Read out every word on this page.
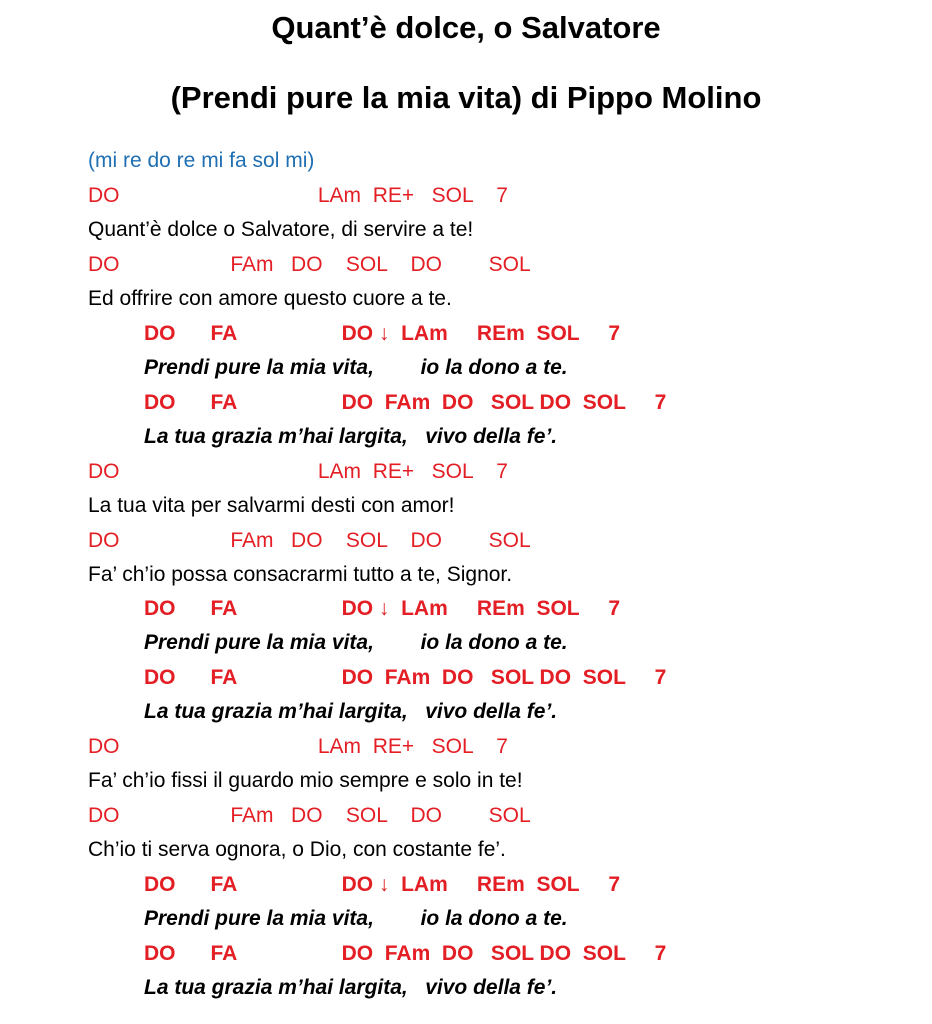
Quant’è dolce, o Salvatore
(Prendi pure la mia vita) di Pippo Molino
(mi re do re mi fa sol mi)
DO                                  LAm  RE+   SOL    7
Quant’è dolce o Salvatore, di servire a te!
DO                   FAm   DO    SOL    DO        SOL
Ed offrire con amore questo cuore a te.
DO      FA                  DO ↓  LAm     REm  SOL     7
Prendi pure la mia vita,        io la dono a te.
DO      FA                  DO  FAm  DO   SOL DO  SOL     7
La tua grazia m’hai largita,   vivo della fe’.
DO                                  LAm  RE+   SOL    7
La tua vita per salvarmi desti con amor!
DO                   FAm   DO    SOL    DO        SOL
Fa’ ch’io possa consacrarmi tutto a te, Signor.
DO      FA                  DO ↓  LAm     REm  SOL     7
Prendi pure la mia vita,        io la dono a te.
DO      FA                  DO  FAm  DO   SOL DO  SOL     7
La tua grazia m’hai largita,   vivo della fe’.
DO                                  LAm  RE+   SOL    7
Fa’ ch’io fissi il guardo mio sempre e solo in te!
DO                   FAm   DO    SOL    DO        SOL
Ch’io ti serva ognora, o Dio, con costante fe’.
DO      FA                  DO ↓  LAm     REm  SOL     7
Prendi pure la mia vita,        io la dono a te.
DO      FA                  DO  FAm  DO   SOL DO  SOL     7
La tua grazia m’hai largita,   vivo della fe’.
